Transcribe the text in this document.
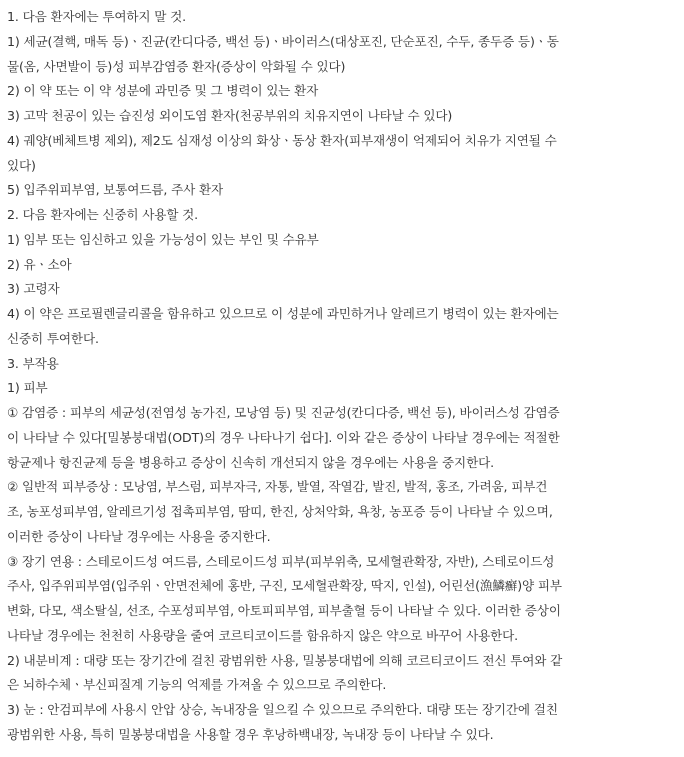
1. 다음 환자에는 투여하지 말 것.
1) 세균(결핵, 매독 등)ㆍ진균(칸디다증, 백선 등)ㆍ바이러스(대상포진, 단순포진, 수두, 종두증 등)ㆍ동
물(옴, 사면발이 등)성 피부감염증 환자(증상이 악화될 수 있다)
2) 이 약 또는 이 약 성분에 과민증 및 그 병력이 있는 환자
3) 고막 천공이 있는 습진성 외이도염 환자(천공부위의 치유지연이 나타날 수 있다)
4) 궤양(베체트병 제외), 제2도 심재성 이상의 화상ㆍ동상 환자(피부재생이 억제되어 치유가 지연될 수
있다)
5) 입주위피부염, 보통여드름, 주사 환자
2. 다음 환자에는 신중히 사용할 것.
1) 임부 또는 임신하고 있을 가능성이 있는 부인 및 수유부
2) 유ㆍ소아
3) 고령자
4) 이 약은 프로필렌글리콜을 함유하고 있으므로 이 성분에 과민하거나 알레르기 병력이 있는 환자에는
신중히 투여한다.
3. 부작용
1) 피부
① 감염증 : 피부의 세균성(전염성 농가진, 모낭염 등) 및 진균성(칸디다증, 백선 등), 바이러스성 감염증
이 나타날 수 있다[밀봉붕대법(ODT)의 경우 나타나기 쉽다]. 이와 같은 증상이 나타날 경우에는 적절한
항균제나 항진균제 등을 병용하고 증상이 신속히 개선되지 않을 경우에는 사용을 중지한다.
② 일반적 피부증상 : 모낭염, 부스럼, 피부자극, 자통, 발열, 작열감, 발진, 발적, 홍조, 가려움, 피부건
조, 농포성피부염, 알레르기성 접촉피부염, 땀띠, 한진, 상처악화, 욕창, 농포증 등이 나타날 수 있으며,
이러한 증상이 나타날 경우에는 사용을 중지한다.
③ 장기 연용 : 스테로이드성 여드름, 스테로이드성 피부(피부위축, 모세혈관확장, 자반), 스테로이드성
주사, 입주위피부염(입주위ㆍ안면전체에 홍반, 구진, 모세혈관확장, 딱지, 인설), 어린선(漁鱗癬)양 피부
변화, 다모, 색소탈실, 선조, 수포성피부염, 아토피피부염, 피부출혈 등이 나타날 수 있다. 이러한 증상이
나타날 경우에는 천천히 사용량을 줄여 코르티코이드를 함유하지 않은 약으로 바꾸어 사용한다.
2) 내분비계 : 대량 또는 장기간에 걸친 광범위한 사용, 밀봉붕대법에 의해 코르티코이드 전신 투여와 같
은 뇌하수체ㆍ부신피질계 기능의 억제를 가져올 수 있으므로 주의한다.
3) 눈 : 안검피부에 사용시 안압 상승, 녹내장을 일으킬 수 있으므로 주의한다. 대량 또는 장기간에 걸친
광범위한 사용, 특히 밀봉붕대법을 사용할 경우 후낭하백내장, 녹내장 등이 나타날 수 있다.
